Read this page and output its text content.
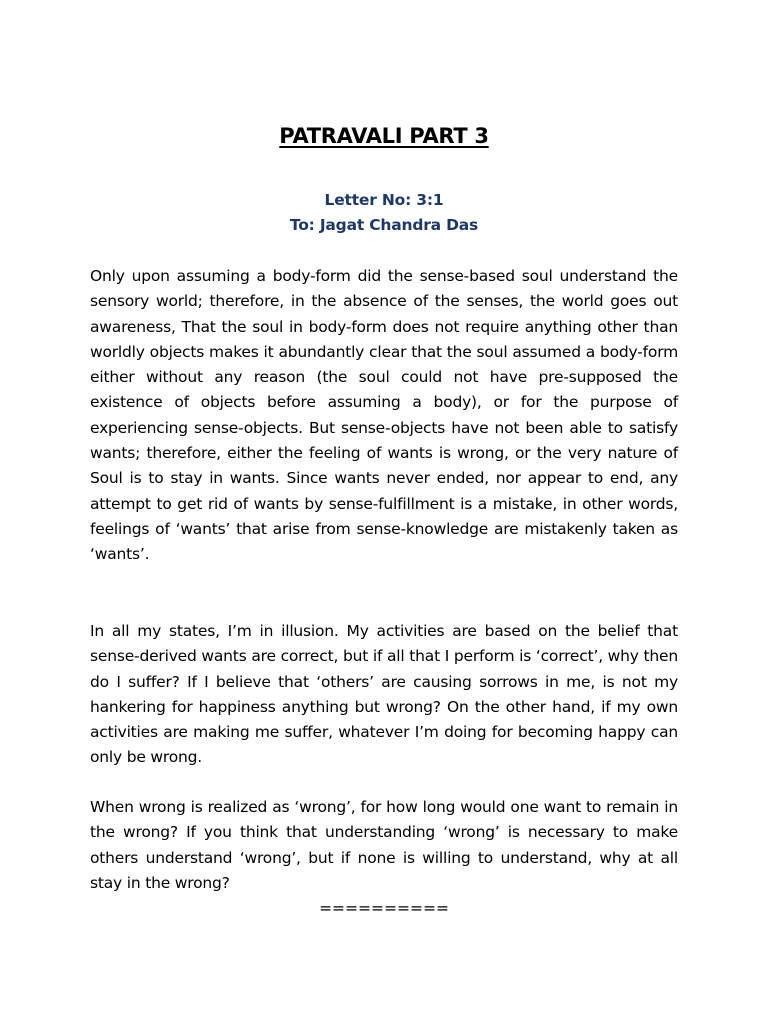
PATRAVALI PART 3
Letter No: 3:1
To: Jagat Chandra Das

Only upon assuming a body-form did the sense-based soul understand the sensory world; therefore, in the absence of the senses, the world goes out awareness, That the soul in body-form does not require anything other than worldly objects makes it abundantly clear that the soul assumed a body-form either without any reason (the soul could not have pre-supposed the existence of objects before assuming a body), or for the purpose of experiencing sense-objects. But sense-objects have not been able to satisfy wants; therefore, either the feeling of wants is wrong, or the very nature of Soul is to stay in wants. Since wants never ended, nor appear to end, any attempt to get rid of wants by sense-fulfillment is a mistake, in other words, feelings of ‘wants’ that arise from sense-knowledge are mistakenly taken as ‘wants’.

In all my states, I’m in illusion. My activities are based on the belief that sense-derived wants are correct, but if all that I perform is ‘correct’, why then do I suffer? If I believe that ‘others’ are causing sorrows in me, is not my hankering for happiness anything but wrong? On the other hand, if my own activities are making me suffer, whatever I’m doing for becoming happy can only be wrong.

When wrong is realized as ‘wrong’, for how long would one want to remain in the wrong? If you think that understanding ‘wrong’ is necessary to make others understand ‘wrong’, but if none is willing to understand, why at all stay in the wrong?

==========
